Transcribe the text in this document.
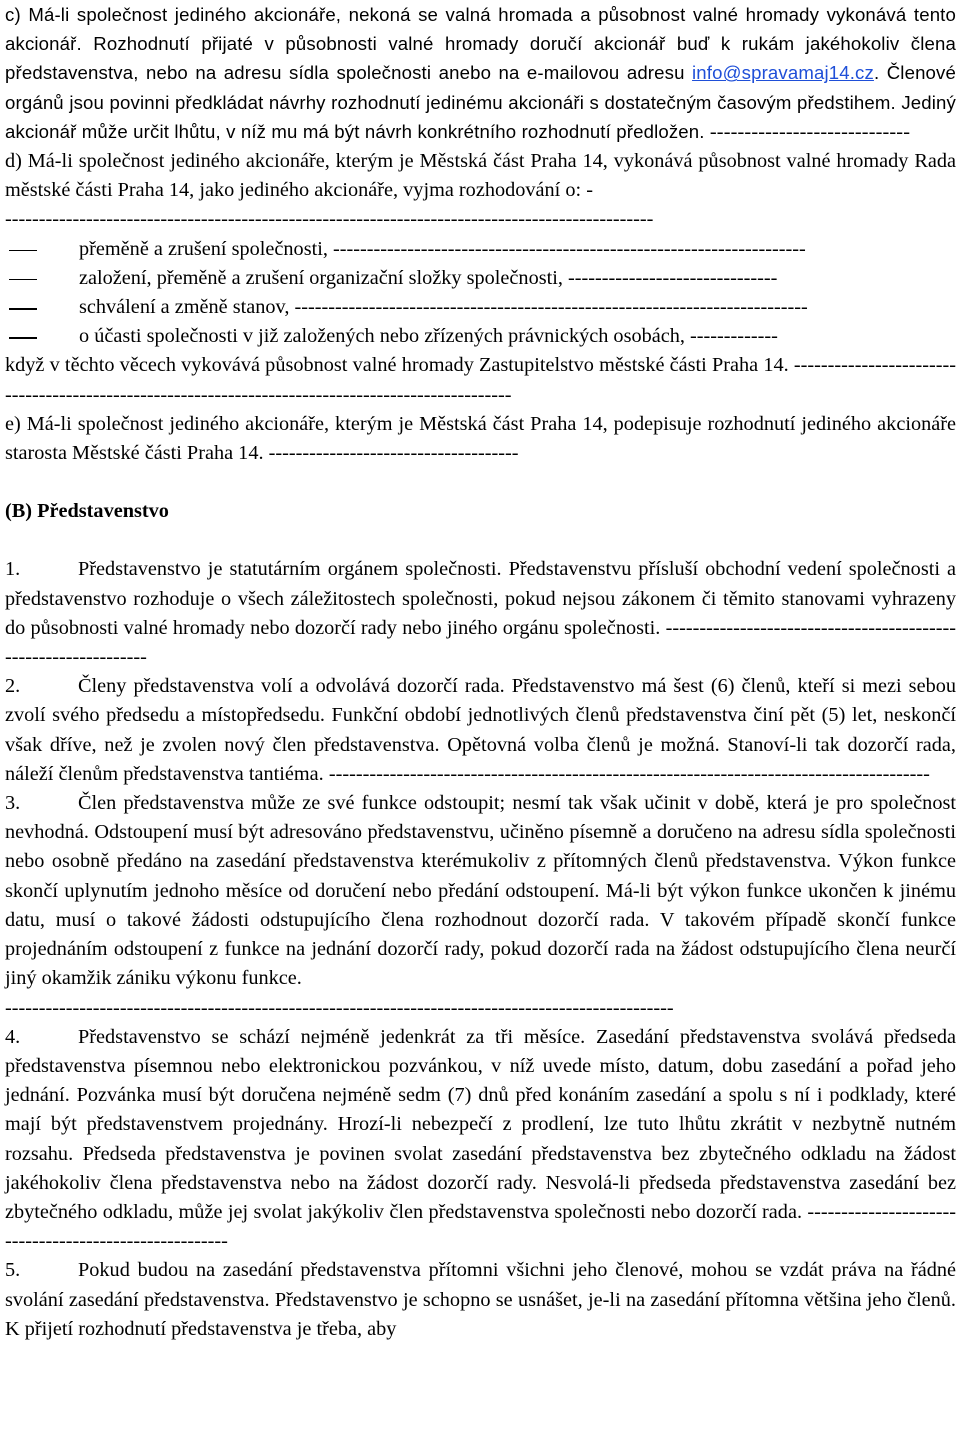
c) Má-li společnost jediného akcionáře, nekoná se valná hromada a působnost valné hromady vykonává tento akcionář. Rozhodnutí přijaté v působnosti valné hromady doručí akcionář buď k rukám jakéhokoliv člena představenstva, nebo na adresu sídla společnosti anebo na e-mailovou adresu info@spravamaj14.cz. Členové orgánů jsou povinni předkládat návrhy rozhodnutí jedinému akcionáři s dostatečným časovým předstihem. Jediný akcionář může určit lhůtu, v níž mu má být návrh konkrétního rozhodnutí předložen. -----------------------------

d) Má-li společnost jediného akcionáře, kterým je Městská část Praha 14, vykonává působnost valné hromady Rada městské části Praha 14, jako jediného akcionáře, vyjma rozhodování o: -

------------------------------------------------------------------------------------------------
přeměně a zrušení společnosti, ----------------------------------------------------------------------
založení, přeměně a zrušení organizační složky společnosti, -------------------------------
schválení a změně stanov, ----------------------------------------------------------------------------
o účasti společnosti v již založených nebo zřízených právnických osobách, -------------

když v těchto věcech vykovává působnost valné hromady Zastupitelstvo městské části Praha 14. ---------------------------------------------------------------------------------------------------

e) Má-li společnost jediného akcionáře, kterým je Městská část Praha 14, podepisuje rozhodnutí jediného akcionáře starosta Městské části Praha 14. -------------------------------------

(B) Představenstvo

1.	Představenstvo je statutárním orgánem společnosti. Představenstvu přísluší obchodní vedení společnosti a představenstvo rozhoduje o všech záležitostech společnosti, pokud nejsou zákonem či těmito stanovami vyhrazeny do působnosti valné hromady nebo dozorčí rady nebo jiného orgánu společnosti. ----------------------------------------------------------------

2.	Členy představenstva volí a odvolává dozorčí rada. Představenstvo má šest (6) členů, kteří si mezi sebou zvolí svého předsedu a místopředsedu. Funkční období jednotlivých členů představenstva činí pět (5) let, neskončí však dříve, než je zvolen nový člen představenstva. Opětovná volba členů je možná. Stanoví-li tak dozorčí rada, náleží členům představenstva tantiéma. -----------------------------------------------------------------------------------------

3.	Člen představenstva může ze své funkce odstoupit; nesmí tak však učinit v době, která je pro společnost nevhodná. Odstoupení musí být adresováno představenstvu, učiněno písemně a doručeno na adresu sídla společnosti nebo osobně předáno na zasedání představenstva kterémukoliv z přítomných členů představenstva. Výkon funkce skončí uplynutím jednoho měsíce od doručení nebo předání odstoupení. Má-li být výkon funkce ukončen k jinému datu, musí o takové žádosti odstupujícího člena rozhodnout dozorčí rada. V takovém případě skončí funkce projednáním odstoupení z funkce na jednání dozorčí rady, pokud dozorčí rada na žádost odstupujícího člena neurčí jiný okamžik zániku výkonu funkce.

---------------------------------------------------------------------------------------------------

4.	Představenstvo se schází nejméně jedenkrát za tři měsíce. Zasedání představenstva svolává předseda představenstva písemnou nebo elektronickou pozvánkou, v níž uvede místo, datum, dobu zasedání a pořad jeho jednání. Pozvánka musí být doručena nejméně sedm (7) dnů před konáním zasedání a spolu s ní i podklady, které mají být představenstvem projednány. Hrozí-li nebezpečí z prodlení, lze tuto lhůtu zkrátit v nezbytně nutném rozsahu. Předseda představenstva je povinen svolat zasedání představenstva bez zbytečného odkladu na žádost jakéhokoliv člena představenstva nebo na žádost dozorčí rady. Nesvolá-li předseda představenstva zasedání bez zbytečného odkladu, může jej svolat jakýkoliv člen představenstva společnosti nebo dozorčí rada. -------------------------------------------------------

5.	Pokud budou na zasedání představenstva přítomni všichni jeho členové, mohou se vzdát práva na řádné svolání zasedání představenstva. Představenstvo je schopno se usnášet, je-li na zasedání přítomna většina jeho členů. K přijetí rozhodnutí představenstva je třeba, aby
